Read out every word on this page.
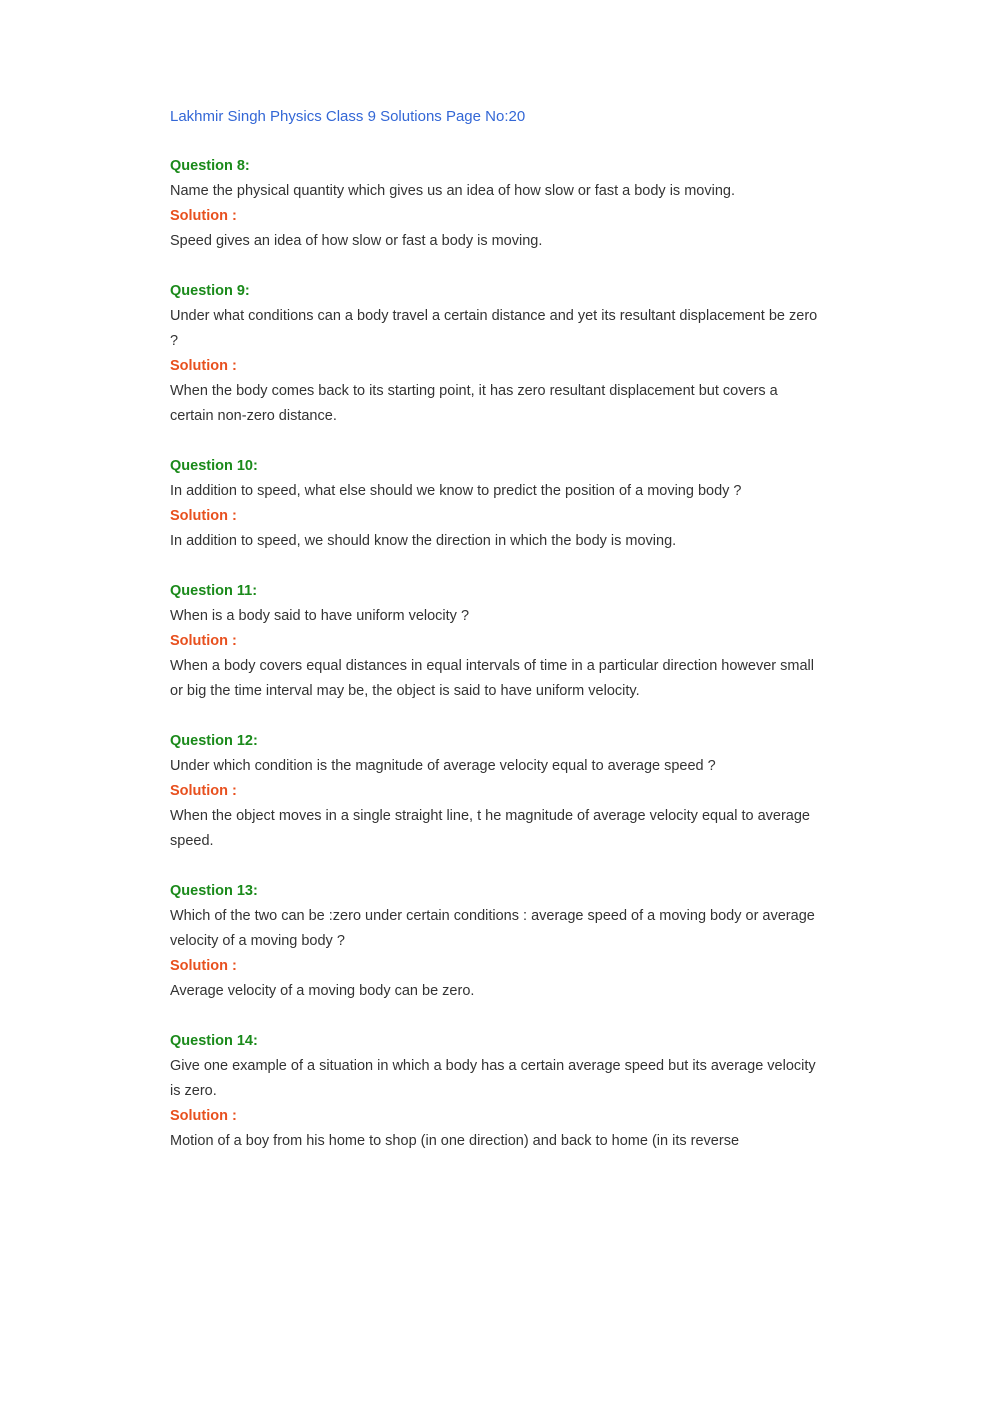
Lakhmir Singh Physics Class 9 Solutions Page No:20
Question 8:
Name the physical quantity which gives us an idea of how slow or fast a body is moving.
Solution :
Speed gives an idea of how slow or fast a body is moving.
Question 9:
Under what conditions can a body travel a certain distance and yet its resultant displacement be zero ?
Solution :
When the body comes back to its starting point, it has zero resultant displacement but covers a certain non-zero distance.
Question 10:
In addition to speed, what else should we know to predict the position of a moving body ?
Solution :
In addition to speed, we should know the direction in which the body is moving.
Question 11:
When is a body said to have uniform velocity ?
Solution :
When a body covers equal distances in equal intervals of time in a particular direction however small or big the time interval may be, the object is said to have uniform velocity.
Question 12:
Under which condition is the magnitude of average velocity equal to average speed ?
Solution :
When the object moves in a single straight line, t he magnitude of average velocity equal to average speed.
Question 13:
Which of the two can be :zero under certain conditions : average speed of a moving body or average velocity of a moving body ?
Solution :
Average velocity of a moving body can be zero.
Question 14:
Give one example of a situation in which a body has a certain average speed but its average velocity is zero.
Solution :
Motion of a boy from his home to shop (in one direction) and back to home (in its reverse
